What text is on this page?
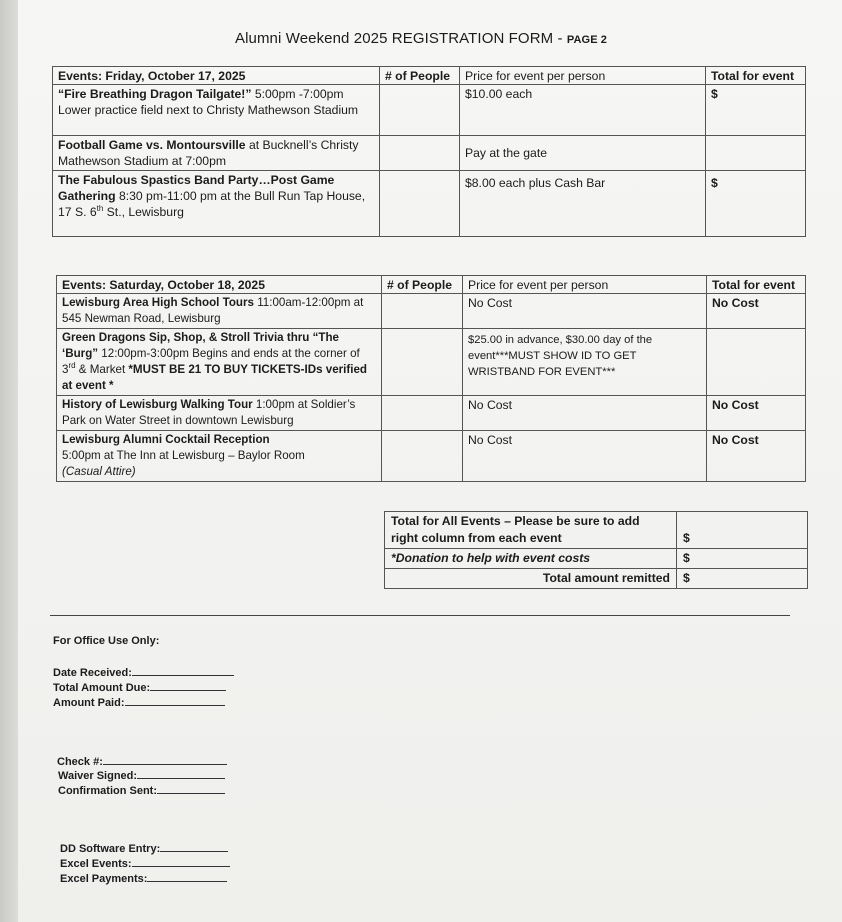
Alumni Weekend 2025 REGISTRATION FORM - PAGE 2
Events: Friday, October 17, 2025	# of People	Price for event per person	Total for event
“Fire Breathing Dragon Tailgate!” 5:00pm -7:00pm
Lower practice field next to Christy Mathewson Stadium		$10.00 each	$
Football Game vs. Montoursville at Bucknell’s Christy Mathewson Stadium at 7:00pm		Pay at the gate	
The Fabulous Spastics Band Party…Post Game Gathering 8:30 pm-11:00 pm at the Bull Run Tap House, 17 S. 6th St., Lewisburg		$8.00 each plus Cash Bar	$
Events: Saturday, October 18, 2025	# of People	Price for event per person	Total for event
Lewisburg Area High School Tours 11:00am-12:00pm at 545 Newman Road, Lewisburg		No Cost	No Cost
Green Dragons Sip, Shop, & Stroll Trivia thru “The ‘Burg” 12:00pm-3:00pm Begins and ends at the corner of 3rd & Market *MUST BE 21 TO BUY TICKETS-IDs verified at event *		$25.00 in advance, $30.00 day of the event***MUST SHOW ID TO GET WRISTBAND FOR EVENT***	
History of Lewisburg Walking Tour 1:00pm at Soldier’s Park on Water Street in downtown Lewisburg		No Cost	No Cost
Lewisburg Alumni Cocktail Reception
5:00pm at The Inn at Lewisburg – Baylor Room
(Casual Attire)		No Cost	No Cost
Total for All Events – Please be sure to add right column from each event	$
*Donation to help with event costs	$
Total amount remitted	$
For Office Use Only:
Date Received:
Total Amount Due:
Amount Paid:
Check #:
Waiver Signed:
Confirmation Sent:
DD Software Entry:
Excel Events:
Excel Payments:
